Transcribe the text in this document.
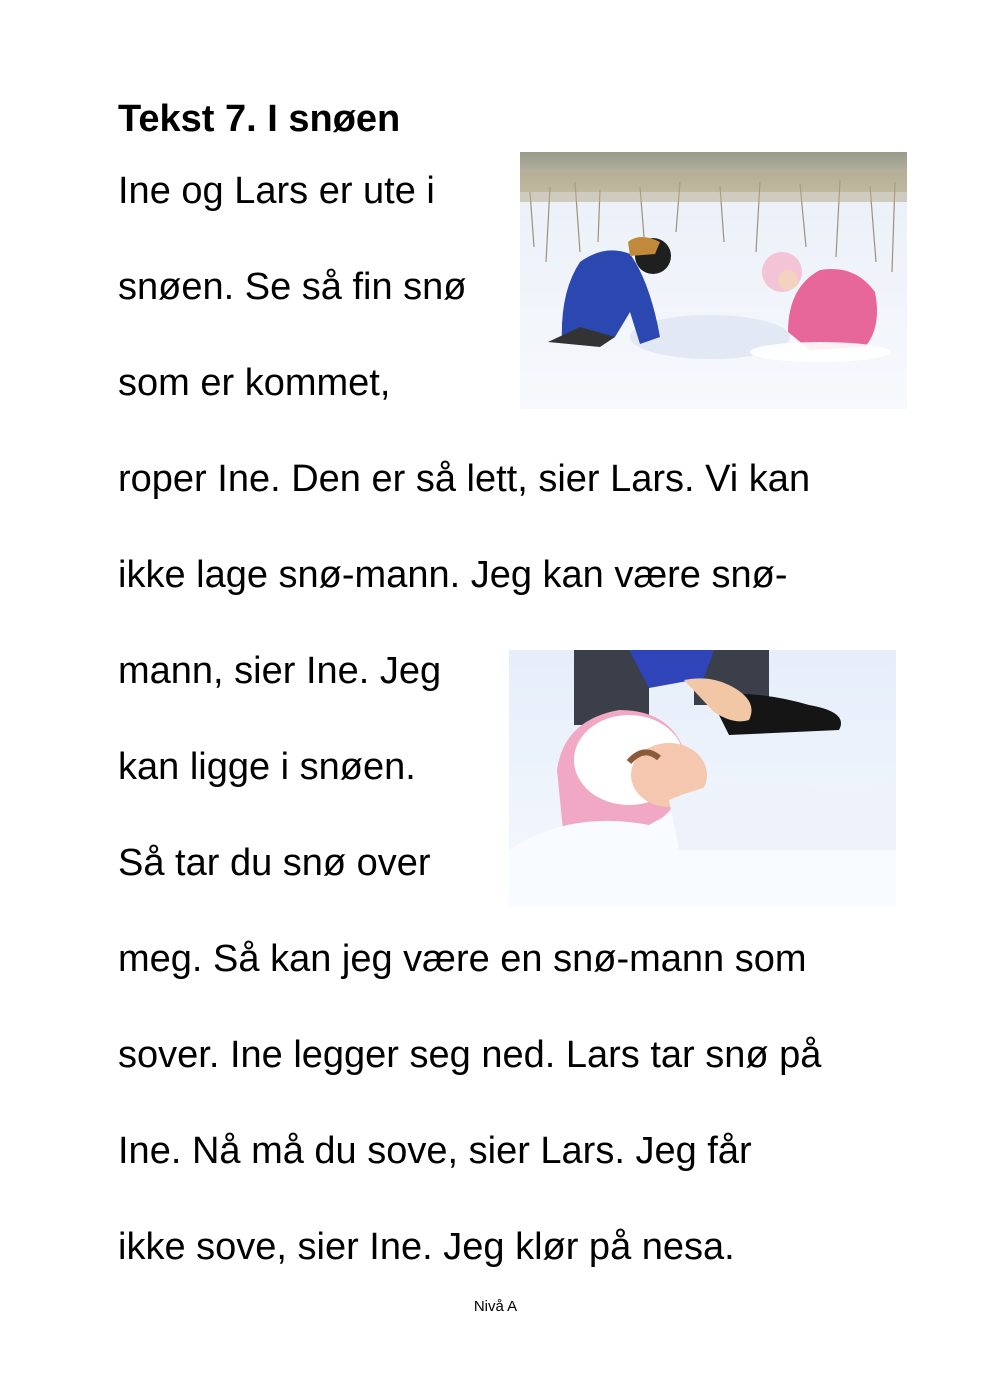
Tekst 7. I snøen
Ine og Lars er ute i
snøen. Se så fin snø
som er kommet,
roper Ine. Den er så lett, sier Lars. Vi kan
ikke lage snø-mann. Jeg kan være snø-
mann, sier Ine. Jeg
kan ligge i snøen.
Så tar du snø over
meg. Så kan jeg være en snø-mann som
sover. Ine legger seg ned. Lars tar snø på
Ine. Nå må du sove, sier Lars. Jeg får
ikke sove, sier Ine. Jeg klør på nesa.
Nivå A
